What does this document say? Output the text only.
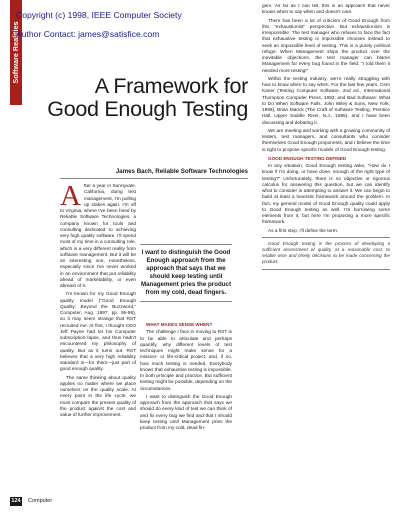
Software Realities
Copyright (c) 1998, IEEE Computer Society
Author Contact: james@satisfice.com
A Framework for Good Enough Testing
James Bach, Reliable Software Technologies

After a year in Sunnyvale, California, doing test management, I'm pulling up stakes again. I'm off to Virginia, where I've been hired by Reliable Software Technologies, a company known for tools and consulting dedicated to achieving very high quality software. I'll spend most of my time in a consulting role, which is a very different reality from software management. But it will be an interesting one, nonetheless, especially since I've never worked in an environment that put reliability ahead of marketability, or even abreast of it.

I'm known for my Good Enough quality model ("Good Enough Quality: Beyond the Buzzword," Computer, Aug. 1997, pp. 96-98), so it may seem strange that RST recruited me. At first, I thought CEO Jeff Payne had let his Computer subscription lapse, and thus hadn't encountered my philosophy of quality. But as it turns out, RST believes that a very high reliability standard is—for them—just part of good enough quality.

The same thinking about quality applies no matter where we place ourselves on the quality scale. At every point in the life cycle, we must compare the present quality of the product against the cost and value of further improvement.

I want to distinguish the Good Enough approach from the approach that says that we should keep testing until Management pries the product from my cold, dead fingers.

WHAT MAKES SENSE WHEN?

The challenge I face in moving to RST is to be able to articulate and perhaps quantify, why different levels of test techniques might make sense for a mission- or life-critical project, and, if so, how much testing is needed. Everybody knows that exhaustive testing is impossible. In both principle and practice. But sufficient testing might be possible, depending on the circumstances.

I want to distinguish the Good Enough approach from the approach that says we should do every kind of test we can think of and fix every bug we find and that I should keep testing until Management pries the product from my cold, dead fin-

gers. As far as I can tell, this is an approach that never knows when to say when and doesn't care.

There has been a lot of criticism of Good Enough from this "exhaustionist" perspective. But exhaustionism is irresponsible: The test manager who refuses to face the fact that exhaustive testing is impossible chooses instead to seek an impossible level of testing. This is a purely political refuge: When Management ships the product over the inevitable objections, the test manager can blame Management for every bug found in the field: "I told them it needed more testing!"

Within the testing industry, we're really struggling with how to know when to say when. For the last few years, Cem Kaner (Testing Computer Software, 2nd ed., International Thompson Computer Press, 1993; and Bad Software: What to Do When Software Fails, John Wiley & Sons, New York, 1998), Brian Marick (The Craft of Software Testing, Prentice Hall, Upper Saddle River, N.J., 1995), and I have been discussing and debating it.

We are meeting and working with a growing community of testers, test managers, and consultants who consider themselves Good Enough proponents, and I believe the time is right to propose specific models of Good Enough testing.

GOOD ENOUGH TESTING DEFINED

In any situation, Good Enough testing asks, "How do I know if I'm doing, or have done, enough of the right type of testing?" Unfortunately, there is no objective or rigorous calculus for answering this question, but we can identify what to consider in attempting to answer it. We can begin to build at least a heuristic framework around the problem. In fact, my general model of Good Enough quality could apply to Good Enough testing as well. I'm borrowing some elements from it, but here I'm proposing a more specific framework.

As a first step, I'll define the term:

Good Enough testing is the process of developing a sufficient assessment of quality, at a reasonable cost, to enable wise and timely decisions to be made concerning the product.

124 Computer
